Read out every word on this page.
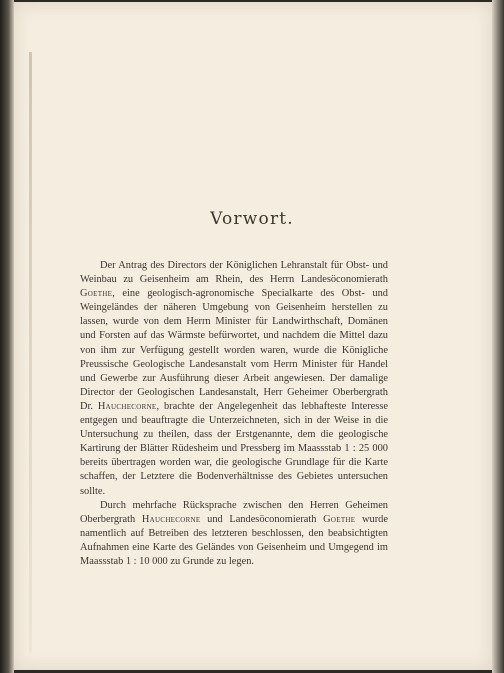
Vorwort.

Der Antrag des Directors der Königlichen Lehranstalt für Obst- und Weinbau zu Geisenheim am Rhein, des Herrn Landesöconomierath Goethe, eine geologisch-agronomische Specialkarte des Obst- und Weingeländes der näheren Umgebung von Geisenheim herstellen zu lassen, wurde von dem Herrn Minister für Landwirthschaft, Domänen und Forsten auf das Wärmste befürwortet, und nachdem die Mittel dazu von ihm zur Verfügung gestellt worden waren, wurde die Königliche Preussische Geologische Landesanstalt vom Herrn Minister für Handel und Gewerbe zur Ausführung dieser Arbeit angewiesen. Der damalige Director der Geologischen Landesanstalt, Herr Geheimer Oberbergrath Dr. Hauchecorne, brachte der Angelegenheit das lebhafteste Interesse entgegen und beauftragte die Unterzeichneten, sich in der Weise in die Untersuchung zu theilen, dass der Erstgenannte, dem die geologische Kartirung der Blätter Rüdesheim und Pressberg im Maassstab 1 : 25 000 bereits übertragen worden war, die geologische Grundlage für die Karte schaffen, der Letztere die Bodenverhältnisse des Gebietes untersuchen sollte.

Durch mehrfache Rücksprache zwischen den Herren Geheimen Oberbergrath Hauchecorne und Landesöconomierath Goethe wurde namentlich auf Betreiben des letzteren beschlossen, den beabsichtigten Aufnahmen eine Karte des Geländes von Geisenheim und Umgegend im Maassstab 1 : 10 000 zu Grunde zu legen.
